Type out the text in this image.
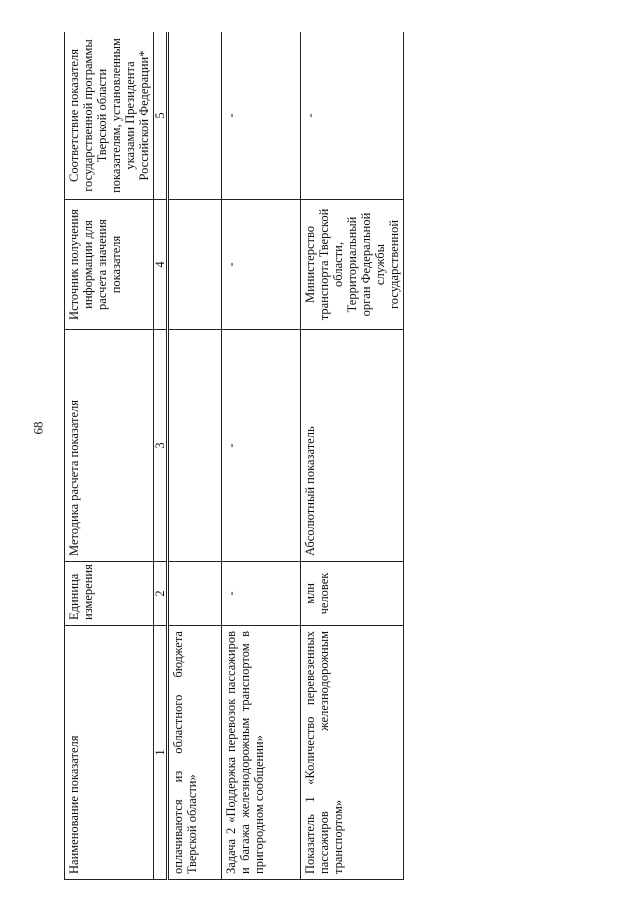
68
Наименование показателя	Единица измерения	Методика расчета показателя	Источник получения информации для расчета значения показателя	Соответствие показателя государственной программы Тверской области показателям, установленным указами Президента Российской Федерации*
1	2	3	4	5
оплачиваются из областного бюджета Тверской области»				
Задача 2 «Поддержка перевозок пассажиров и багажа железнодорожным транспортом в пригородном сообщении»	-	-	-	-
Показатель 1 «Количество перевезенных пассажиров железнодорожным транспортом»	млн человек	Абсолютный показатель	Министерство транспорта Тверской области, Территориальный орган Федеральной службы государственной	-
